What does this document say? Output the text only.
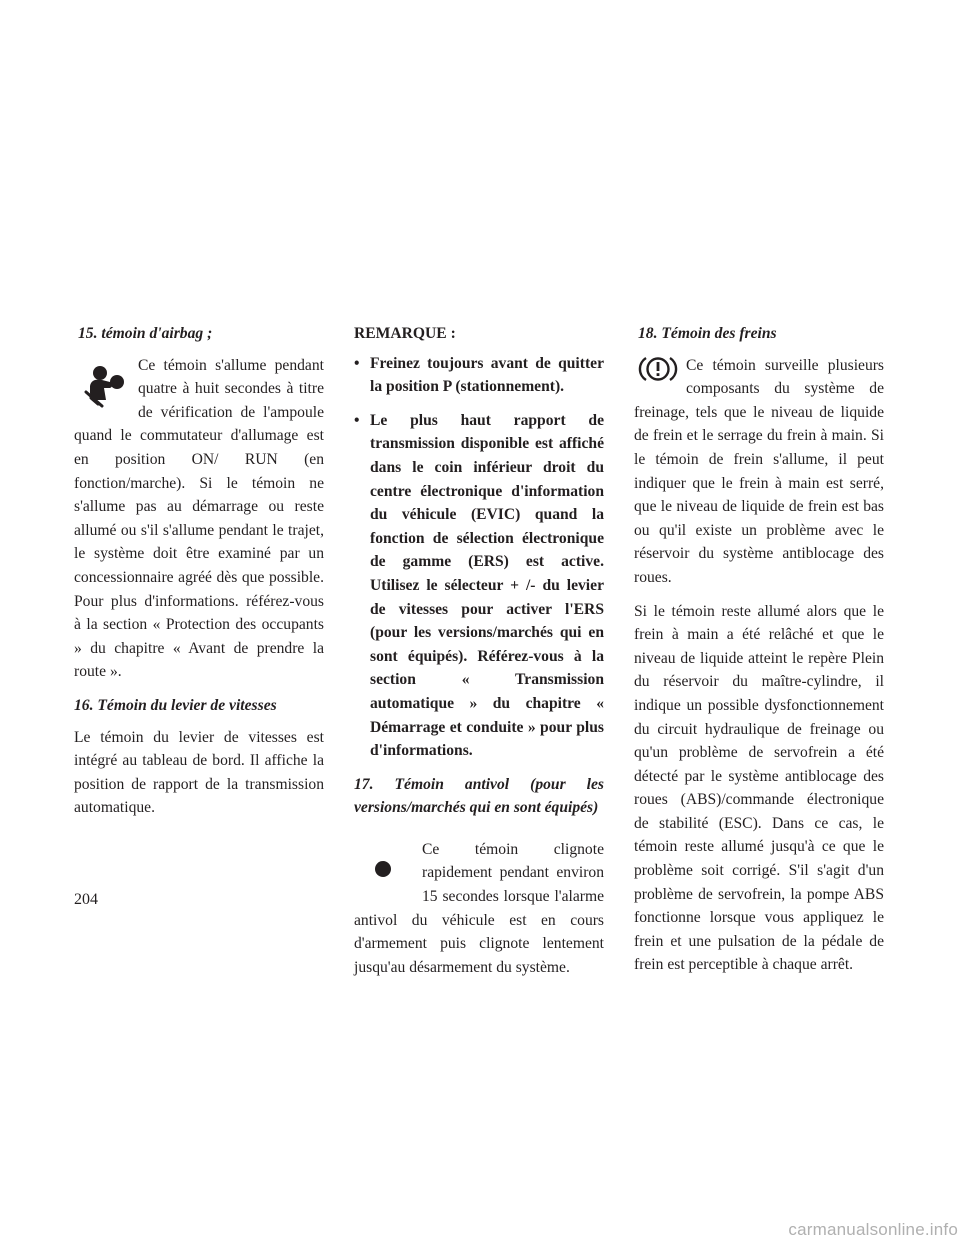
15. témoin d'airbag ;

Ce témoin s'allume pendant quatre à huit secondes à titre de vérification de l'ampoule quand le commutateur d'allumage est en position ON/ RUN (en fonction/marche). Si le témoin ne s'allume pas au démarrage ou reste allumé ou s'il s'allume pendant le trajet, le système doit être examiné par un concessionnaire agréé dès que possible. Pour plus d'informations. référez-vous à la section « Protection des occupants » du chapitre « Avant de prendre la route ».

16. Témoin du levier de vitesses

Le témoin du levier de vitesses est intégré au tableau de bord. Il affiche la position de rapport de la transmission automatique.

REMARQUE :
• Freinez toujours avant de quitter la position P (stationnement).
• Le plus haut rapport de transmission disponible est affiché dans le coin inférieur droit du centre électronique d'information du véhicule (EVIC) quand la fonction de sélection électronique de gamme (ERS) est active. Utilisez le sélecteur + /- du levier de vitesses pour activer l'ERS (pour les versions/marchés qui en sont équipés). Référez-vous à la section « Transmission automatique » du chapitre « Démarrage et conduite » pour plus d'informations.
17. Témoin antivol (pour les versions/marchés qui en sont équipés)

Ce témoin clignote rapidement pendant environ 15 secondes lorsque l'alarme antivol du véhicule est en cours d'armement puis clignote lentement jusqu'au désarmement du système.

18. Témoin des freins

Ce témoin surveille plusieurs composants du système de freinage, tels que le niveau de liquide de frein et le serrage du frein à main. Si le témoin de frein s'allume, il peut indiquer que le frein à main est serré, que le niveau de liquide de frein est bas ou qu'il existe un problème avec le réservoir du système antiblocage des roues.

Si le témoin reste allumé alors que le frein à main a été relâché et que le niveau de liquide atteint le repère Plein du réservoir du maître-cylindre, il indique un possible dysfonctionnement du circuit hydraulique de freinage ou qu'un problème de servofrein a été détecté par le système antiblocage des roues (ABS)/commande électronique de stabilité (ESC). Dans ce cas, le témoin reste allumé jusqu'à ce que le problème soit corrigé. S'il s'agit d'un problème de servofrein, la pompe ABS fonctionne lorsque vous appliquez le frein et une pulsation de la pédale de frein est perceptible à chaque arrêt.

204
carmanualsonline.info
